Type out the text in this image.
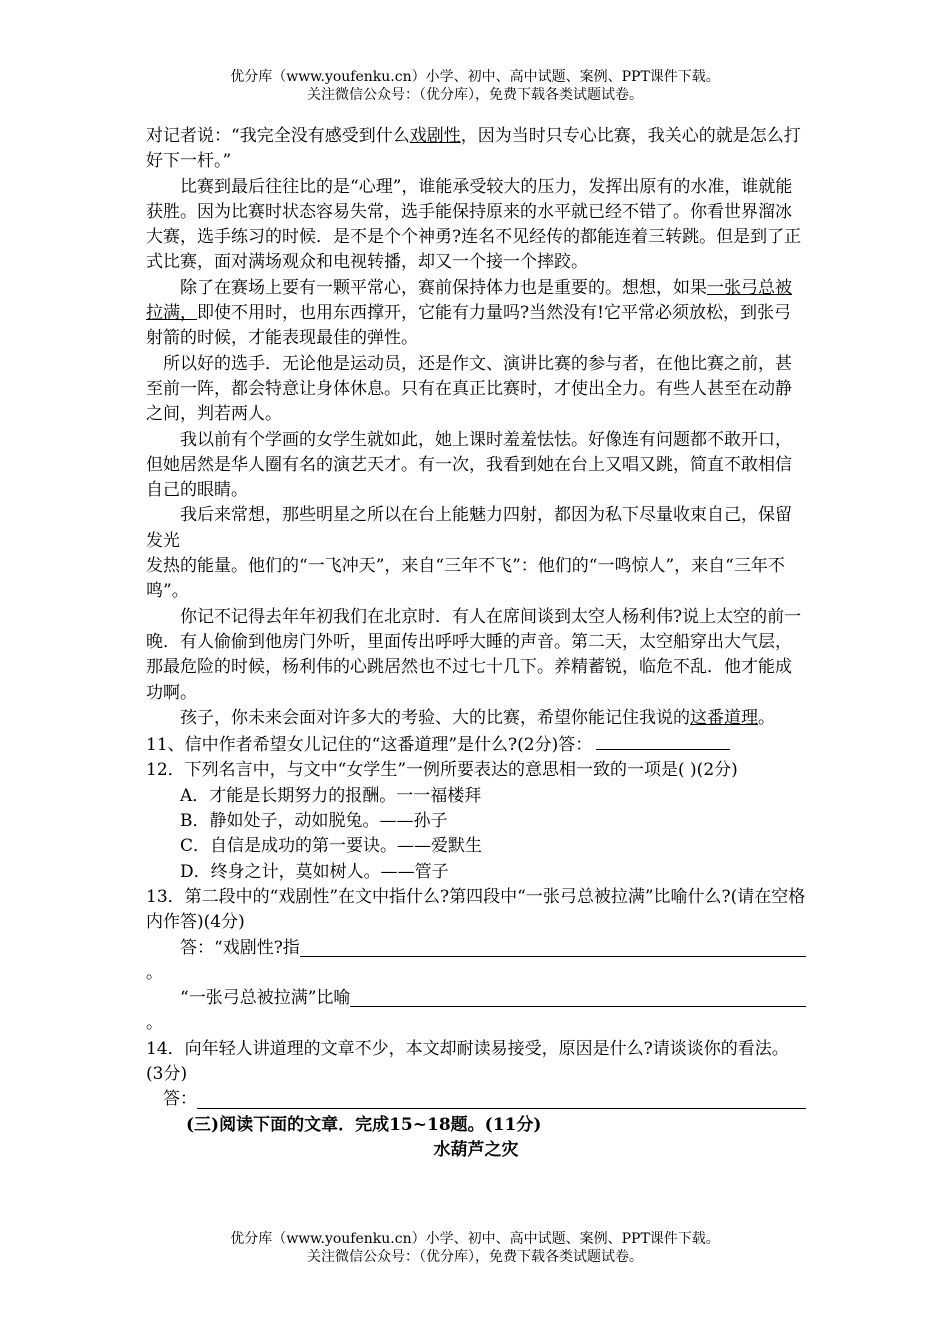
优分库（www.youfenku.cn）小学、初中、高中试题、案例、PPT课件下载。
关注微信公众号：（优分库），免费下载各类试题试卷。

对记者说：“我完全没有感受到什么戏剧性，因为当时只专心比赛，我关心的就是怎么打好下一杆。”

比赛到最后往往比的是“心理”，谁能承受较大的压力，发挥出原有的水准，谁就能获胜。因为比赛时状态容易失常，选手能保持原来的水平就已经不错了。你看世界溜冰大赛，选手练习的时候．是不是个个神勇?连名不见经传的都能连着三转跳。但是到了正式比赛，面对满场观众和电视转播，却又一个接一个摔跤。

除了在赛场上要有一颗平常心，赛前保持体力也是重要的。想想，如果一张弓总被拉满，即使不用时，也用东西撑开，它能有力量吗?当然没有!它平常必须放松，到张弓射箭的时候，才能表现最佳的弹性。

所以好的选手．无论他是运动员，还是作文、演讲比赛的参与者，在他比赛之前，甚至前一阵，都会特意让身体休息。只有在真正比赛时，才使出全力。有些人甚至在动静之间，判若两人。

我以前有个学画的女学生就如此，她上课时羞羞怯怯。好像连有问题都不敢开口，但她居然是华人圈有名的演艺天才。有一次，我看到她在台上又唱又跳，简直不敢相信自己的眼睛。

我后来常想，那些明星之所以在台上能魅力四射，都因为私下尽量收束自己，保留发光

发热的能量。他们的“一飞冲天”，来自“三年不飞”：他们的“一鸣惊人”，来自“三年不鸣”。

你记不记得去年年初我们在北京时．有人在席间谈到太空人杨利伟?说上太空的前一晚．有人偷偷到他房门外听，里面传出呼呼大睡的声音。第二天，太空船穿出大气层，那最危险的时候，杨利伟的心跳居然也不过七十几下。养精蓄锐，临危不乱．他才能成功啊。

孩子，你未来会面对许多大的考验、大的比赛，希望你能记住我说的这番道理。

11、信中作者希望女儿记住的“这番道理”是什么?(2分)答：

12．下列名言中，与文中“女学生”一例所要表达的意思相一致的一项是( )(2分)

A．才能是长期努力的报酬。一一福楼拜

B．静如处子，动如脱兔。——孙子

C．自信是成功的第一要诀。——爱默生

D．终身之计，莫如树人。——管子

13．第二段中的“戏剧性”在文中指什么?第四段中“一张弓总被拉满”比喻什么?(请在空格内作答)(4分)

答：“戏剧性?指

。

“一张弓总被拉满”比喻

。

14．向年轻人讲道理的文章不少，本文却耐读易接受，原因是什么?请谈谈你的看法。(3分)

答：

(三)阅读下面的文章．完成15~18题。(11分)

水葫芦之灾

优分库（www.youfenku.cn）小学、初中、高中试题、案例、PPT课件下载。
关注微信公众号：（优分库），免费下载各类试题试卷。
